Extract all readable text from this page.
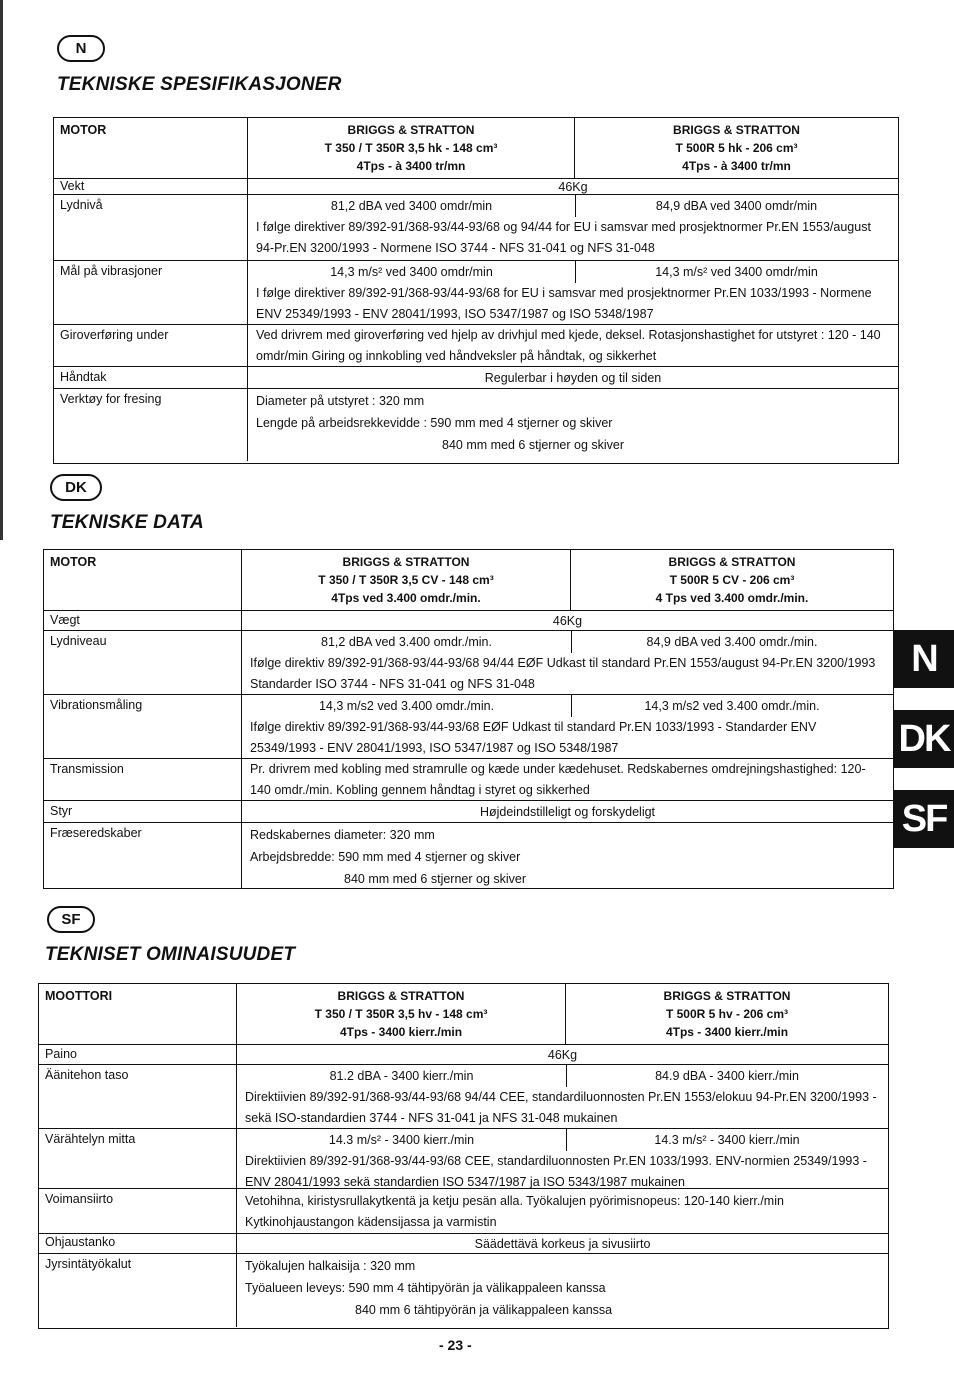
N
TEKNISKE SPESIFIKASJONER
MOTOR	BRIGGS & STRATTON
T 350 / T 350R 3,5 hk - 148 cm³
4Tps - à 3400 tr/mn
BRIGGS & STRATTON
T 500R 5 hk - 206 cm³
4Tps - à 3400 tr/mn
Vekt	46Kg
Lydnivå	81,2 dBA ved 3400 omdr/min	84,9 dBA ved 3400 omdr/min
I følge direktiver 89/392-91/368-93/44-93/68 og 94/44 for EU i samsvar med prosjektnormer Pr.EN 1553/august 94-Pr.EN 3200/1993 - Normene ISO 3744 - NFS 31-041 og NFS 31-048
Mål på vibrasjoner	14,3 m/s² ved 3400 omdr/min	14,3 m/s² ved 3400 omdr/min
I følge direktiver 89/392-91/368-93/44-93/68 for EU i samsvar med prosjektnormer Pr.EN 1033/1993 - Normene ENV 25349/1993 - ENV 28041/1993, ISO 5347/1987 og ISO 5348/1987
Giroverføring under	Ved drivrem med giroverføring ved hjelp av drivhjul med kjede, deksel. Rotasjonshastighet for utstyret : 120 - 140 omdr/min Giring og innkobling ved håndveksler på håndtak, og sikkerhet
Håndtak	Regulerbar i høyden og til siden
Verktøy for fresing	Diameter på utstyret : 320 mm
Lengde på arbeidsrekkevidde : 590 mm med 4 stjerner og skiver
840 mm med 6 stjerner og skiver
DK
TEKNISKE DATA
MOTOR	BRIGGS & STRATTON
T 350 / T 350R 3,5 CV - 148 cm³
4Tps ved 3.400 omdr./min.
BRIGGS & STRATTON
T 500R 5 CV - 206 cm³
4 Tps ved 3.400 omdr./min.
Vægt	46Kg
Lydniveau	81,2 dBA ved 3.400 omdr./min.	84,9 dBA ved 3.400 omdr./min.
Ifølge direktiv 89/392-91/368-93/44-93/68 94/44 EØF Udkast til standard Pr.EN 1553/august 94-Pr.EN 3200/1993 Standarder ISO 3744 - NFS 31-041 og NFS 31-048
Vibrationsmåling	14,3 m/s2 ved 3.400 omdr./min.	14,3 m/s2 ved 3.400 omdr./min.
Ifølge direktiv 89/392-91/368-93/44-93/68 EØF Udkast til standard Pr.EN 1033/1993 - Standarder ENV 25349/1993 - ENV 28041/1993, ISO 5347/1987 og ISO 5348/1987
Transmission	Pr. drivrem med kobling med stramrulle og kæde under kædehuset. Redskabernes omdrejningshastighed: 120-140 omdr./min. Kobling gennem håndtag i styret og sikkerhed
Styr	Højdeindstilleligt og forskydeligt
Fræseredskaber	Redskabernes diameter: 320 mm
Arbejdsbredde: 590 mm med 4 stjerner og skiver
840 mm med 6 stjerner og skiver
SF
TEKNISET OMINAISUUDET
MOOTTORI	BRIGGS & STRATTON
T 350 / T 350R 3,5 hv - 148 cm³
4Tps - 3400 kierr./min
BRIGGS & STRATTON
T 500R 5 hv - 206 cm³
4Tps - 3400 kierr./min
Paino	46Kg
Äänitehon taso	81.2 dBA - 3400 kierr./min	84.9 dBA - 3400 kierr./min
Direktiivien 89/392-91/368-93/44-93/68 94/44 CEE, standardiluonnosten Pr.EN 1553/elokuu 94-Pr.EN 3200/1993 - sekä ISO-standardien 3744 - NFS 31-041 ja NFS 31-048 mukainen
Värähtelyn mitta	14.3 m/s² - 3400 kierr./min	14.3 m/s² - 3400 kierr./min
Direktiivien 89/392-91/368-93/44-93/68 CEE, standardiluonnosten Pr.EN 1033/1993. ENV-normien 25349/1993 - ENV 28041/1993 sekä standardien ISO 5347/1987 ja ISO 5343/1987 mukainen
Voimansiirto	Vetohihna, kiristysrullakytkentä ja ketju pesän alla. Työkalujen pyörimisnopeus: 120-140 kierr./min Kytkinohjaustangon kädensijassa ja varmistin
Ohjaustanko	Säädettävä korkeus ja sivusiirto
Jyrsintätyökalut	Työkalujen halkaisija : 320 mm
Työalueen leveys: 590 mm 4 tähtipyörän ja välikappaleen kanssa
840 mm 6 tähtipyörän ja välikappaleen kanssa
N
DK
SF
- 23 -
